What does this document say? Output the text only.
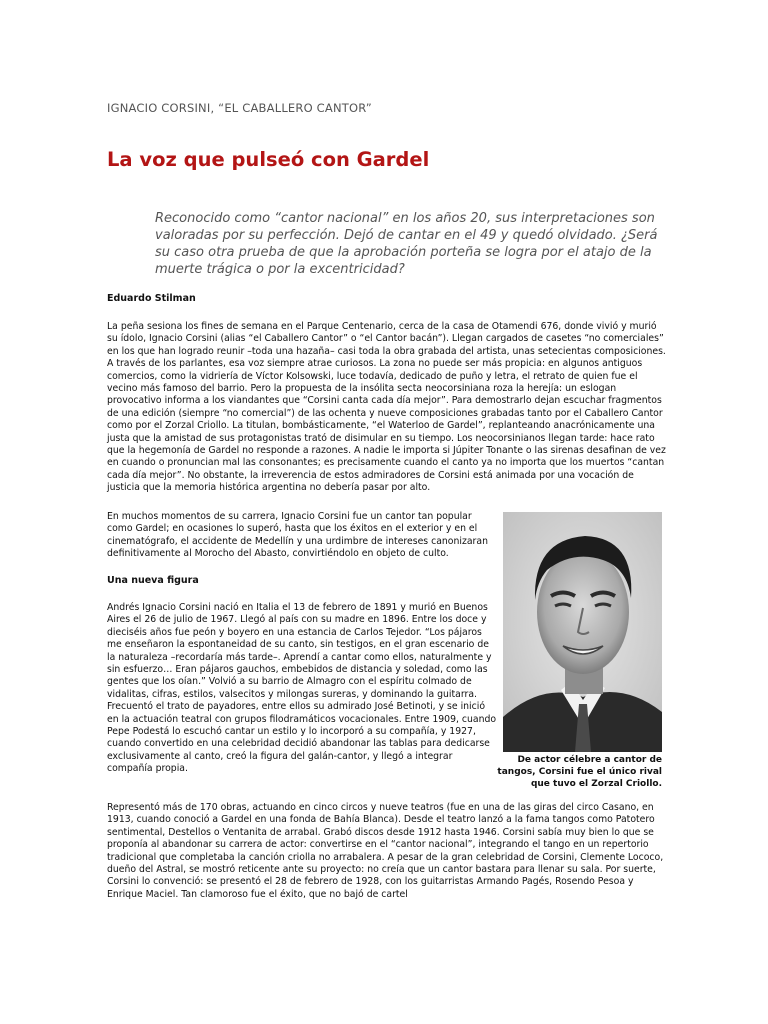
IGNACIO CORSINI, “EL CABALLERO CANTOR”
La voz que pulseó con Gardel

Reconocido como “cantor nacional” en los años 20, sus interpretaciones son valoradas por su perfección. Dejó de cantar en el 49 y quedó olvidado. ¿Será su caso otra prueba de que la aprobación porteña se logra por el atajo de la muerte trágica o por la excentricidad?

Eduardo Stilman

La peña sesiona los fines de semana en el Parque Centenario, cerca de la casa de Otamendi 676, donde vivió y murió su ídolo, Ignacio Corsini (alias “el Caballero Cantor” o “el Cantor bacán”). Llegan cargados de casetes “no comerciales” en los que han logrado reunir –toda una hazaña– casi toda la obra grabada del artista, unas setecientas composiciones. A través de los parlantes, esa voz siempre atrae curiosos. La zona no puede ser más propicia: en algunos antiguos comercios, como la vidriería de Víctor Kolsowski, luce todavía, dedicado de puño y letra, el retrato de quien fue el vecino más famoso del barrio. Pero la propuesta de la insólita secta neocorsiniana roza la herejía: un eslogan provocativo informa a los viandantes que “Corsini canta cada día mejor”. Para demostrarlo dejan escuchar fragmentos de una edición (siempre “no comercial”) de las ochenta y nueve composiciones grabadas tanto por el Caballero Cantor como por el Zorzal Criollo. La titulan, bombásticamente, “el Waterloo de Gardel”, replanteando anacrónicamente una justa que la amistad de sus protagonistas trató de disimular en su tiempo. Los neocorsinianos llegan tarde: hace rato que la hegemonía de Gardel no responde a razones. A nadie le importa si Júpiter Tonante o las sirenas desafinan de vez en cuando o pronuncian mal las consonantes; es precisamente cuando el canto ya no importa que los muertos “cantan cada día mejor”. No obstante, la irreverencia de estos admiradores de Corsini está animada por una vocación de justicia que la memoria histórica argentina no debería pasar por alto.

En muchos momentos de su carrera, Ignacio Corsini fue un cantor tan popular como Gardel; en ocasiones lo superó, hasta que los éxitos en el exterior y en el cinematógrafo, el accidente de Medellín y una urdimbre de intereses canonizaran definitivamente al Morocho del Abasto, convirtiéndolo en objeto de culto.

Una nueva figura

Andrés Ignacio Corsini nació en Italia el 13 de febrero de 1891 y murió en Buenos Aires el 26 de julio de 1967. Llegó al país con su madre en 1896. Entre los doce y dieciséis años fue peón y boyero en una estancia de Carlos Tejedor. “Los pájaros me enseñaron la espontaneidad de su canto, sin testigos, en el gran escenario de la naturaleza –recordaría más tarde–. Aprendí a cantar como ellos, naturalmente y sin esfuerzo… Eran pájaros gauchos, embebidos de distancia y soledad, como las gentes que los oían.” Volvió a su barrio de Almagro con el espíritu colmado de vidalitas, cifras, estilos, valsecitos y milongas sureras, y dominando la guitarra. Frecuentó el trato de payadores, entre ellos su admirado José Betinoti, y se inició en la actuación teatral con grupos filodramáticos vocacionales. Entre 1909, cuando Pepe Podestá lo escuchó cantar un estilo y lo incorporó a su compañía, y 1927, cuando convertido en una celebridad decidió abandonar las tablas para dedicarse exclusivamente al canto, creó la figura del galán-cantor, y llegó a integrar compañía propia.

De actor célebre a cantor de tangos, Corsini fue el único rival que tuvo el Zorzal Criollo.

Representó más de 170 obras, actuando en cinco circos y nueve teatros (fue en una de las giras del circo Casano, en 1913, cuando conoció a Gardel en una fonda de Bahía Blanca). Desde el teatro lanzó a la fama tangos como Patotero sentimental, Destellos o Ventanita de arrabal. Grabó discos desde 1912 hasta 1946. Corsini sabía muy bien lo que se proponía al abandonar su carrera de actor: convertirse en el “cantor nacional”, integrando el tango en un repertorio tradicional que completaba la canción criolla no arrabalera. A pesar de la gran celebridad de Corsini, Clemente Lococo, dueño del Astral, se mostró reticente ante su proyecto: no creía que un cantor bastara para llenar su sala. Por suerte, Corsini lo convenció: se presentó el 28 de febrero de 1928, con los guitarristas Armando Pagés, Rosendo Pesoa y Enrique Maciel. Tan clamoroso fue el éxito, que no bajó de cartel
